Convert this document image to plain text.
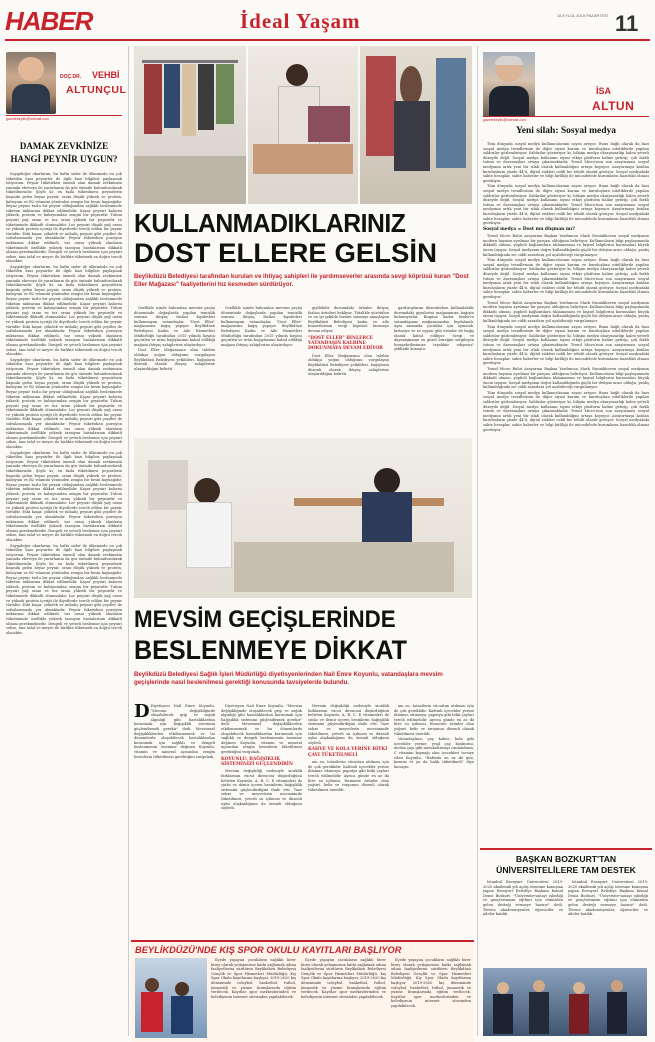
HABER	İdeal Yaşam	18 EYLÜL 2019 PAZARTESİ 11
DOÇ.DR. VEHBİ
ALTUNÇUL
gazetebeylik@hotmail.com
DAMAK ZEVKİNİZE HANGİ PEYNİR UYGUN?

Saygıdeğer okurlarım, bu hafta sizler ile ülkemizde en çok tüketilen bazı peynirler ile ilgili bazı bilgileri paylaşmak istiyorum. Peynir tüketirken önemli olan damak zevkimizin yanında ebeveyn ile yararlanım da göz önünde bulundurularak tüketilmesidir. Şöyle ki; en fazla tüketilmesi peynirlerin başında gelen beyaz peynir, oranı düşük yüksek ve protein, kalsiyum ve B2 vitamini yönünden zengin bir besin kaynağıdır. Beyaz peynir tuzlu bir peynir olduğundan sağlıklı beslenmede tüketim miktarına dikkat edilmelidir. Kaşar peyniri kalorisi yüksek, protein ve kalsiyumdan zengin bir peynirdir. Tulum peyniri yağ oranı ve tuz oranı yüksek bir peynirdir ve tüketiminde dikkatli olunmalıdır. Lor peyniri düşük yağ oranı ve yüksek protein içeriği ile diyetlerde tercih edilen bir peynir türüdür. Eski kaşar, çökelek ve mihaliç peyniri gibi çeşitler de sofralarımızda yer almaktadır. Peynir tüketirken porsiyon miktarına dikkat edilmeli, tuz oranı yüksek olanların tüketiminde özellikle yüksek tansiyon hastalarının dikkatli olması gerekmektedir. Dengeli ve yeterli beslenme için peyniri sebze, tam tahıl ve meyve ile birlikte tüketmek en doğru tercih olacaktır.

Saygıdeğer okurlarım, bu hafta sizler ile ülkemizde en çok tüketilen bazı peynirler ile ilgili bazı bilgileri paylaşmak istiyorum. Peynir tüketirken önemli olan damak zevkimizin yanında ebeveyn ile yararlanım da göz önünde bulundurularak tüketilmesidir. Şöyle ki; en fazla tüketilmesi peynirlerin başında gelen beyaz peynir, oranı düşük yüksek ve protein, kalsiyum ve B2 vitamini yönünden zengin bir besin kaynağıdır. Beyaz peynir tuzlu bir peynir olduğundan sağlıklı beslenmede tüketim miktarına dikkat edilmelidir. Kaşar peyniri kalorisi yüksek, protein ve kalsiyumdan zengin bir peynirdir. Tulum peyniri yağ oranı ve tuz oranı yüksek bir peynirdir ve tüketiminde dikkatli olunmalıdır. Lor peyniri düşük yağ oranı ve yüksek protein içeriği ile diyetlerde tercih edilen bir peynir türüdür. Eski kaşar, çökelek ve mihaliç peyniri gibi çeşitler de sofralarımızda yer almaktadır. Peynir tüketirken porsiyon miktarına dikkat edilmeli, tuz oranı yüksek olanların tüketiminde özellikle yüksek tansiyon hastalarının dikkatli olması gerekmektedir. Dengeli ve yeterli beslenme için peyniri sebze, tam tahıl ve meyve ile birlikte tüketmek en doğru tercih olacaktır.

Saygıdeğer okurlarım, bu hafta sizler ile ülkemizde en çok tüketilen bazı peynirler ile ilgili bazı bilgileri paylaşmak istiyorum. Peynir tüketirken önemli olan damak zevkimizin yanında ebeveyn ile yararlanım da göz önünde bulundurularak tüketilmesidir. Şöyle ki; en fazla tüketilmesi peynirlerin başında gelen beyaz peynir, oranı düşük yüksek ve protein, kalsiyum ve B2 vitamini yönünden zengin bir besin kaynağıdır. Beyaz peynir tuzlu bir peynir olduğundan sağlıklı beslenmede tüketim miktarına dikkat edilmelidir. Kaşar peyniri kalorisi yüksek, protein ve kalsiyumdan zengin bir peynirdir. Tulum peyniri yağ oranı ve tuz oranı yüksek bir peynirdir ve tüketiminde dikkatli olunmalıdır. Lor peyniri düşük yağ oranı ve yüksek protein içeriği ile diyetlerde tercih edilen bir peynir türüdür. Eski kaşar, çökelek ve mihaliç peyniri gibi çeşitler de sofralarımızda yer almaktadır. Peynir tüketirken porsiyon miktarına dikkat edilmeli, tuz oranı yüksek olanların tüketiminde özellikle yüksek tansiyon hastalarının dikkatli olması gerekmektedir. Dengeli ve yeterli beslenme için peyniri sebze, tam tahıl ve meyve ile birlikte tüketmek en doğru tercih olacaktır.

Saygıdeğer okurlarım, bu hafta sizler ile ülkemizde en çok tüketilen bazı peynirler ile ilgili bazı bilgileri paylaşmak istiyorum. Peynir tüketirken önemli olan damak zevkimizin yanında ebeveyn ile yararlanım da göz önünde bulundurularak tüketilmesidir. Şöyle ki; en fazla tüketilmesi peynirlerin başında gelen beyaz peynir, oranı düşük yüksek ve protein, kalsiyum ve B2 vitamini yönünden zengin bir besin kaynağıdır. Beyaz peynir tuzlu bir peynir olduğundan sağlıklı beslenmede tüketim miktarına dikkat edilmelidir. Kaşar peyniri kalorisi yüksek, protein ve kalsiyumdan zengin bir peynirdir. Tulum peyniri yağ oranı ve tuz oranı yüksek bir peynirdir ve tüketiminde dikkatli olunmalıdır. Lor peyniri düşük yağ oranı ve yüksek protein içeriği ile diyetlerde tercih edilen bir peynir türüdür. Eski kaşar, çökelek ve mihaliç peyniri gibi çeşitler de sofralarımızda yer almaktadır. Peynir tüketirken porsiyon miktarına dikkat edilmeli, tuz oranı yüksek olanların tüketiminde özellikle yüksek tansiyon hastalarının dikkatli olması gerekmektedir. Dengeli ve yeterli beslenme için peyniri sebze, tam tahıl ve meyve ile birlikte tüketmek en doğru tercih olacaktır.

Saygıdeğer okurlarım, bu hafta sizler ile ülkemizde en çok tüketilen bazı peynirler ile ilgili bazı bilgileri paylaşmak istiyorum. Peynir tüketirken önemli olan damak zevkimizin yanında ebeveyn ile yararlanım da göz önünde bulundurularak tüketilmesidir. Şöyle ki; en fazla tüketilmesi peynirlerin başında gelen beyaz peynir, oranı düşük yüksek ve protein, kalsiyum ve B2 vitamini yönünden zengin bir besin kaynağıdır. Beyaz peynir tuzlu bir peynir olduğundan sağlıklı beslenmede tüketim miktarına dikkat edilmelidir. Kaşar peyniri kalorisi yüksek, protein ve kalsiyumdan zengin bir peynirdir. Tulum peyniri yağ oranı ve tuz oranı yüksek bir peynirdir ve tüketiminde dikkatli olunmalıdır. Lor peyniri düşük yağ oranı ve yüksek protein içeriği ile diyetlerde tercih edilen bir peynir türüdür. Eski kaşar, çökelek ve mihaliç peyniri gibi çeşitler de sofralarımızda yer almaktadır. Peynir tüketirken porsiyon miktarına dikkat edilmeli, tuz oranı yüksek olanların tüketiminde özellikle yüksek tansiyon hastalarının dikkatli olması gerekmektedir. Dengeli ve yeterli beslenme için peyniri sebze, tam tahıl ve meyve ile birlikte tüketmek en doğru tercih olacaktır.

KULLANMADIKLARINIZ
DOST ELLERE GELSİN
Beylikdüzü Belediyesi tarafından kurulan ve ihtiyaç sahipleri ile yardımseverler arasında sevgi köprüsü kuran "Dost Eller Mağazası" faaliyetlerini hız kesmeden sürdürüyor.

Özellikle içinde bulunulan mevsim geçişi döneminde doğaşlarda yapılan temizlik sonrası ihtiyaç fazlası kıyafetleri kullanmayan vatandaşlar, "Dost Eller" mağazasına bağış yapıyor. Beylikdüzü Belediyesi Kadın ve Aile Hizmetleri Müdürlüğü tarafından 2015 yılında hayata geçirilen ve ürün bağışlarının kabul edildiği mağaza ihtiyaç sahiplerine ulaştırılıyor.

Dost Eller Mağazasına olan talebin oldukça yoğun olduğunu vurgulayan Beylikdüzü Belediyesi yetkilileri, bağışların düzenli olarak ihtiyaç sahiplerine ulaştırıldığını belirtti.

Özellikle içinde bulunulan mevsim geçişi döneminde doğaşlarda yapılan temizlik sonrası ihtiyaç fazlası kıyafetleri kullanmayan vatandaşlar, "Dost Eller" mağazasına bağış yapıyor. Beylikdüzü Belediyesi Kadın ve Aile Hizmetleri Müdürlüğü tarafından 2015 yılında hayata geçirilen ve ürün bağışlarının kabul edildiği mağaza ihtiyaç sahiplerine ulaştırılıyor.

giyilebilir durumdaki ürünler ihtiyaç fazlası ürünleri bekliyor. Titizlikle yürütülen ve en iyi şekilde hizmet sunmayı amaçlayan Beylikdüzü Belediyesi kadın ve aile hizmetlerinin sevgi köprüsü kurmaya devam ediyor.

"DOST ELLER" BİNLERCE VATANDAŞIN KALBİNE DOKUNMAYA DEVAM EDİYOR

Dost Eller Mağazasına olan talebin oldukça yoğun olduğunu vurgulayan Beylikdüzü Belediyesi yetkilileri, bağışların düzenli olarak ihtiyaç sahiplerine ulaştırıldığını belirtti.

gardıroplarını düzenlerken kullanılabilir durumdaki giysilerini mağazamıza bağışta bulunuyorlar. Bugüne kadar binlerce vatandaşımız mağazamızdan faydalandı. Aynı zamanda çocuklar için oyuncak, kırtasiye ve ev eşyası gibi ürünler de bağış olarak kabul ediliyor. Sevgi ve dayanışmanın en güzel örneğini sergileyen hemşehrilerimize teşekkür ediyoruz" şeklinde konuştu.

MEVSİM GEÇİŞLERİNDE
BESLENMEYE DİKKAT
Beylikdüzü Belediyesi Sağlık İşleri Müdürlüğü diyetisyenlerinden Nail Emre Koyunlu, vatandaşlara mevsim geçişlerinde nasıl beslenilmesi gerektiği konusunda tavsiyelerde bulundu.
D Diyetisyen Nail Emre Koyunlu, "Mevsim değişikliğinde oluşabilecek grip ve soğuk algınlığı gibi hastalıklardan korunmak için bağışıklık sistemini güçlendirmek gerekir" dedi. Mevsimsel değişikliklerden etkilenmemek ve bu dönemlerde oluşabilecek hastalıklardan korunmak için sağlıklı ve dengeli beslenmenin önemine değinen Koyunlu, vitamin ve mineral açısından zengin besinlerin tüketilmesi gerektiğini vurguladı.

Diyetisyen Nail Emre Koyunlu, "Mevsim değişikliğinde oluşabilecek grip ve soğuk algınlığı gibi hastalıklardan korunmak için bağışıklık sistemini güçlendirmek gerekir" dedi. Mevsimsel değişikliklerden etkilenmemek ve bu dönemlerde oluşabilecek hastalıklardan korunmak için sağlıklı ve dengeli beslenmenin önemine değinen Koyunlu, vitamin ve mineral açısından zengin besinlerin tüketilmesi gerektiğini vurguladı.

KOYUNLU: BAĞIŞIKLIK SİSTEMİNİZİ GÜÇLENDİRİN

Mevsim değişikliği nedeniyle sıcaklık farklarının vücut direncini düşürdüğünü belirten Koyunlu, A, B, C, E vitaminleri ile çinko ve demir içeren besinlerin bağışıklık sistemini güçlendirdiğini ifade etti. Taze sebze ve meyvelerin mevsiminde tüketilmesi, yeterli su içilmesi ve düzenli uyku alışkanlığının da önemli olduğunu söyledi.

Mevsim değişikliği nedeniyle sıcaklık farklarının vücut direncini düşürdüğünü belirten Koyunlu, A, B, C, E vitaminleri ile çinko ve demir içeren besinlerin bağışıklık sistemini güçlendirdiğini ifade etti. Taze sebze ve meyvelerin mevsiminde tüketilmesi, yeterli su içilmesi ve düzenli uyku alışkanlığının da önemli olduğunu söyledi.

KAHVE VE KOLA YERİNE BİTKİ ÇAYI TÜKETİLMELİ

am su, totasilerin vücuttan atılması için de çok gereklidir. Kafeinli içecekler yerine ıhlamur, ekinezya, papatya gibi bitki çayları tercih edilmelidir. Ayrıca günde en az iki litre su içilmesi, fermente ürünler olan yoğurt, kefir ve turşunun düzenli olarak tüketilmesi önerildi.

am su, totasilerin vücuttan atılması için de çok gereklidir. Kafeinli içecekler yerine ıhlamur, ekinezya, papatya gibi bitki çayları tercih edilmelidir. Ayrıca günde en az iki litre su içilmesi, fermente ürünler olan yoğurt, kefir ve turşunun düzenli olarak tüketilmesi önerildi.

Vatandaşlara; çay, kahve, kola gibi içecekler yerine; yeşil çay, kuşburnu, melisa çayı gibi metabolizmayı canlandıran, C vitamini kaynağı olan içecekleri tavsiye eden Koyunlu, "Haftada en az iki gün, kırmızı et ya da balık tüketilmeli" diye konuştu.

BEYLİKDÜZÜ'NDE KIŞ SPOR OKULU KAYITLARI BAŞLIYOR

İlçede yaşayan çocukların sağlıklı birer birey olarak yetişmesine katkı sağlamak adına faaliyetlerini sürdüren Beylikdüzü Belediyesi Gençlik ve Spor Hizmetleri Müdürlüğü, Kış Spor Okulu kayıtlarına başlıyor. 2019-2020 kış döneminde voleybol, basketbol, futbol, jimnastik ve yüzme branşlarında eğitim verilecek. Kayıtlar spor merkezlerinden ve belediyenin internet sitesinden yapılabilecek.

İlçede yaşayan çocukların sağlıklı birer birey olarak yetişmesine katkı sağlamak adına faaliyetlerini sürdüren Beylikdüzü Belediyesi Gençlik ve Spor Hizmetleri Müdürlüğü, Kış Spor Okulu kayıtlarına başlıyor. 2019-2020 kış döneminde voleybol, basketbol, futbol, jimnastik ve yüzme branşlarında eğitim verilecek. Kayıtlar spor merkezlerinden ve belediyenin internet sitesinden yapılabilecek.

İlçede yaşayan çocukların sağlıklı birer birey olarak yetişmesine katkı sağlamak adına faaliyetlerini sürdüren Beylikdüzü Belediyesi Gençlik ve Spor Hizmetleri Müdürlüğü, Kış Spor Okulu kayıtlarına başlıyor. 2019-2020 kış döneminde voleybol, basketbol, futbol, jimnastik ve yüzme branşlarında eğitim verilecek. Kayıtlar spor merkezlerinden ve belediyenin internet sitesinden yapılabilecek.

İSA
ALTUN
gazetebeylik@hotmail.com
Yeni silah: Sosyal medya

Tüm dünyada sosyal medya kullanıcılarının sayısı artıyor. Bunu bağlı olarak da bazı sosyal medya trendlerinin de diğer siyasi kurum ve kuruluşlara niteliklerde yapılan saldırılar gözlemleniyor. Saldırılar gösteriyor ki, bilişim medya okuryazarlığı halen yeterli düzeyde değil. Sosyal medya kullanımı siyasi etkiyi platform haline getirip, çok farklı tutum ve davranışları ortaya çıkarmaktadır. Trend Micro'nun son araştırması sosyal medyanın artık yeni bir silah olarak kullanıldığını ortaya koyuyor. Araştırmaya katılan kuruluşların yüzde 44'ü, dijital riskleri ciddi bir tehdit olarak görüyor. Sosyal medyadaki sahte hesaplar, sahte haberler ve bilgi kirliliği ile mücadelede kurumların hazırlıklı olması gerekiyor.

Tüm dünyada sosyal medya kullanıcılarının sayısı artıyor. Bunu bağlı olarak da bazı sosyal medya trendlerinin de diğer siyasi kurum ve kuruluşlara niteliklerde yapılan saldırılar gözlemleniyor. Saldırılar gösteriyor ki, bilişim medya okuryazarlığı halen yeterli düzeyde değil. Sosyal medya kullanımı siyasi etkiyi platform haline getirip, çok farklı tutum ve davranışları ortaya çıkarmaktadır. Trend Micro'nun son araştırması sosyal medyanın artık yeni bir silah olarak kullanıldığını ortaya koyuyor. Araştırmaya katılan kuruluşların yüzde 44'ü, dijital riskleri ciddi bir tehdit olarak görüyor. Sosyal medyadaki sahte hesaplar, sahte haberler ve bilgi kirliliği ile mücadelede kurumların hazırlıklı olması gerekiyor.

Sosyal medya = Dost mu düşman mı?

Trend Micro Bulut Araştırma Başkan Yardımcısı Mark Nunnikhoven sosyal medyanın modern hayatın ayrılmaz bir parçası olduğunu belirtiyor. Kullanıcıların bilgi paylaşımında dikkatli olması, şüpheli bağlantılara tıklamaması ve kişisel bilgilerini korumaları büyük önem taşıyor. Sosyal medyanın doğru kullanıldığında güçlü bir iletişim aracı olduğu, yanlış kullanıldığında ise ciddi zararlara yol açabileceği vurgulanıyor.

Tüm dünyada sosyal medya kullanıcılarının sayısı artıyor. Bunu bağlı olarak da bazı sosyal medya trendlerinin de diğer siyasi kurum ve kuruluşlara niteliklerde yapılan saldırılar gözlemleniyor. Saldırılar gösteriyor ki, bilişim medya okuryazarlığı halen yeterli düzeyde değil. Sosyal medya kullanımı siyasi etkiyi platform haline getirip, çok farklı tutum ve davranışları ortaya çıkarmaktadır. Trend Micro'nun son araştırması sosyal medyanın artık yeni bir silah olarak kullanıldığını ortaya koyuyor. Araştırmaya katılan kuruluşların yüzde 44'ü, dijital riskleri ciddi bir tehdit olarak görüyor. Sosyal medyadaki sahte hesaplar, sahte haberler ve bilgi kirliliği ile mücadelede kurumların hazırlıklı olması gerekiyor.

Trend Micro Bulut Araştırma Başkan Yardımcısı Mark Nunnikhoven sosyal medyanın modern hayatın ayrılmaz bir parçası olduğunu belirtiyor. Kullanıcıların bilgi paylaşımında dikkatli olması, şüpheli bağlantılara tıklamaması ve kişisel bilgilerini korumaları büyük önem taşıyor. Sosyal medyanın doğru kullanıldığında güçlü bir iletişim aracı olduğu, yanlış kullanıldığında ise ciddi zararlara yol açabileceği vurgulanıyor.

Tüm dünyada sosyal medya kullanıcılarının sayısı artıyor. Bunu bağlı olarak da bazı sosyal medya trendlerinin de diğer siyasi kurum ve kuruluşlara niteliklerde yapılan saldırılar gözlemleniyor. Saldırılar gösteriyor ki, bilişim medya okuryazarlığı halen yeterli düzeyde değil. Sosyal medya kullanımı siyasi etkiyi platform haline getirip, çok farklı tutum ve davranışları ortaya çıkarmaktadır. Trend Micro'nun son araştırması sosyal medyanın artık yeni bir silah olarak kullanıldığını ortaya koyuyor. Araştırmaya katılan kuruluşların yüzde 44'ü, dijital riskleri ciddi bir tehdit olarak görüyor. Sosyal medyadaki sahte hesaplar, sahte haberler ve bilgi kirliliği ile mücadelede kurumların hazırlıklı olması gerekiyor.

Trend Micro Bulut Araştırma Başkan Yardımcısı Mark Nunnikhoven sosyal medyanın modern hayatın ayrılmaz bir parçası olduğunu belirtiyor. Kullanıcıların bilgi paylaşımında dikkatli olması, şüpheli bağlantılara tıklamaması ve kişisel bilgilerini korumaları büyük önem taşıyor. Sosyal medyanın doğru kullanıldığında güçlü bir iletişim aracı olduğu, yanlış kullanıldığında ise ciddi zararlara yol açabileceği vurgulanıyor.

Tüm dünyada sosyal medya kullanıcılarının sayısı artıyor. Bunu bağlı olarak da bazı sosyal medya trendlerinin de diğer siyasi kurum ve kuruluşlara niteliklerde yapılan saldırılar gözlemleniyor. Saldırılar gösteriyor ki, bilişim medya okuryazarlığı halen yeterli düzeyde değil. Sosyal medya kullanımı siyasi etkiyi platform haline getirip, çok farklı tutum ve davranışları ortaya çıkarmaktadır. Trend Micro'nun son araştırması sosyal medyanın artık yeni bir silah olarak kullanıldığını ortaya koyuyor. Araştırmaya katılan kuruluşların yüzde 44'ü, dijital riskleri ciddi bir tehdit olarak görüyor. Sosyal medyadaki sahte hesaplar, sahte haberler ve bilgi kirliliği ile mücadelede kurumların hazırlıklı olması gerekiyor.

BAŞKAN BOZKURT'TAN ÜNİVERSİTELİLERE TAM DESTEK

İstanbul Esenyurt Üniversitesi 2019-2020 akademik yılı açılış törenine konuşma yapan Esenyurt Belediye Başkanı Kemal Deniz Bozkurt, "Üniversite-sanayi işbirliği ve gençlerimizin eğitimi için elimizden gelen desteği vermeye hazırız" dedi. Törene akademisyenler, öğrenciler ve aileler katıldı.

İstanbul Esenyurt Üniversitesi 2019-2020 akademik yılı açılış törenine konuşma yapan Esenyurt Belediye Başkanı Kemal Deniz Bozkurt, "Üniversite-sanayi işbirliği ve gençlerimizin eğitimi için elimizden gelen desteği vermeye hazırız" dedi. Törene akademisyenler, öğrenciler ve aileler katıldı.
